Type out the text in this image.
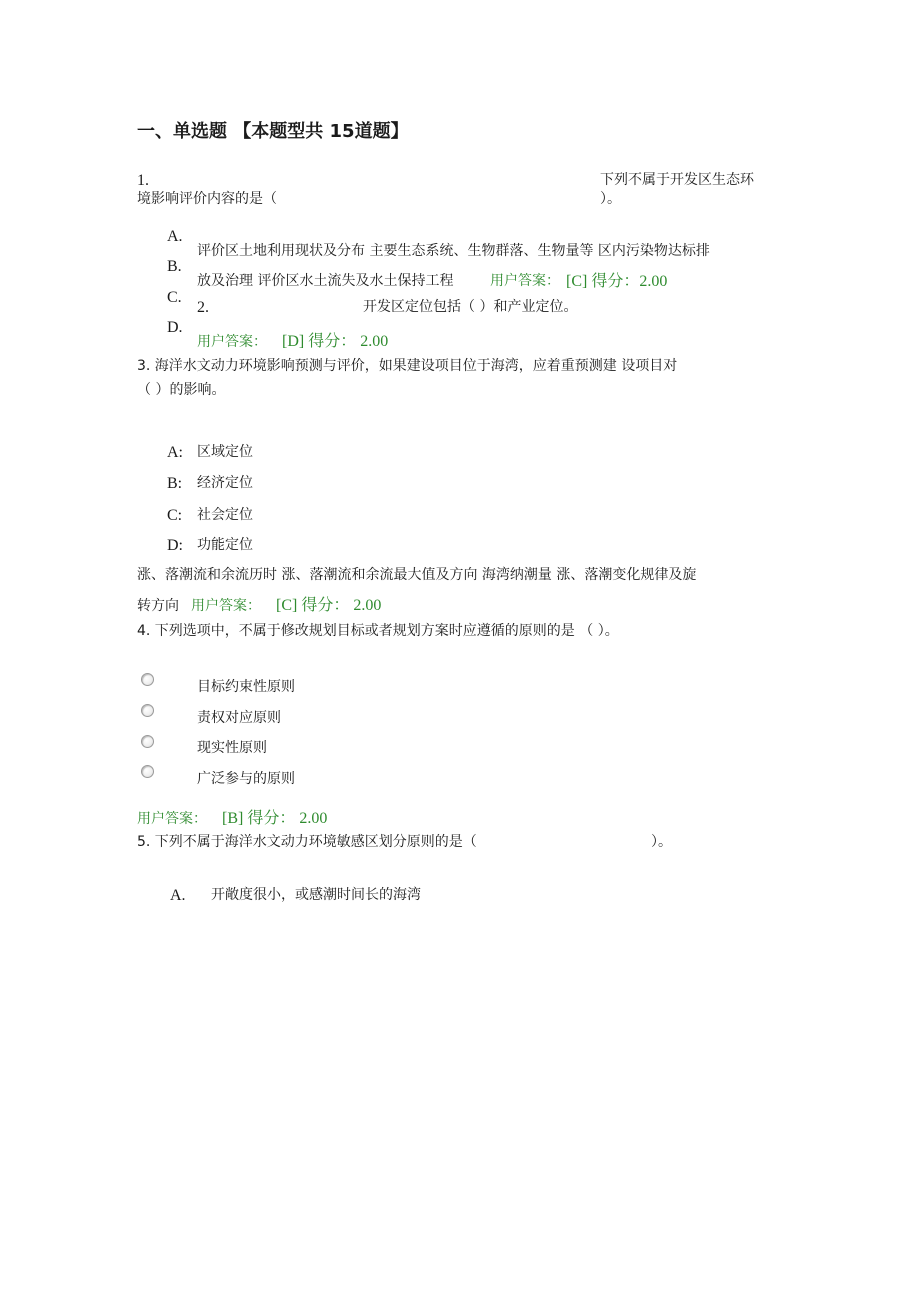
一、单选题 【本题型共 15道题】
1.	下列不属于开发区生态环
境影响评价内容的是（	）。
A.
B.
C.
D.
评价区土地利用现状及分布 主要生态系统、生物群落、生物量等 区内污染物达标排
放及治理 评价区水土流失及水土保持工程	用户答案： [C] 得分：2.00
2.	开发区定位包括（ ）和产业定位。
用户答案： [D] 得分： 2.00
3. 海洋水文动力环境影响预测与评价，如果建设项目位于海湾，应着重预测建 设项目对
（ ）的影响。
A: 区域定位
B: 经济定位
C: 社会定位
D: 功能定位
涨、落潮流和余流历时 涨、落潮流和余流最大值及方向 海湾纳潮量 涨、落潮变化规律及旋
转方向 用户答案： [C] 得分： 2.00
4. 下列选项中，不属于修改规划目标或者规划方案时应遵循的原则的是 （ ）。
目标约束性原则
责权对应原则
现实性原则
广泛参与的原则
用户答案： [B] 得分： 2.00
5. 下列不属于海洋水文动力环境敏感区划分原则的是（	）。
A. 开敞度很小，或感潮时间长的海湾
